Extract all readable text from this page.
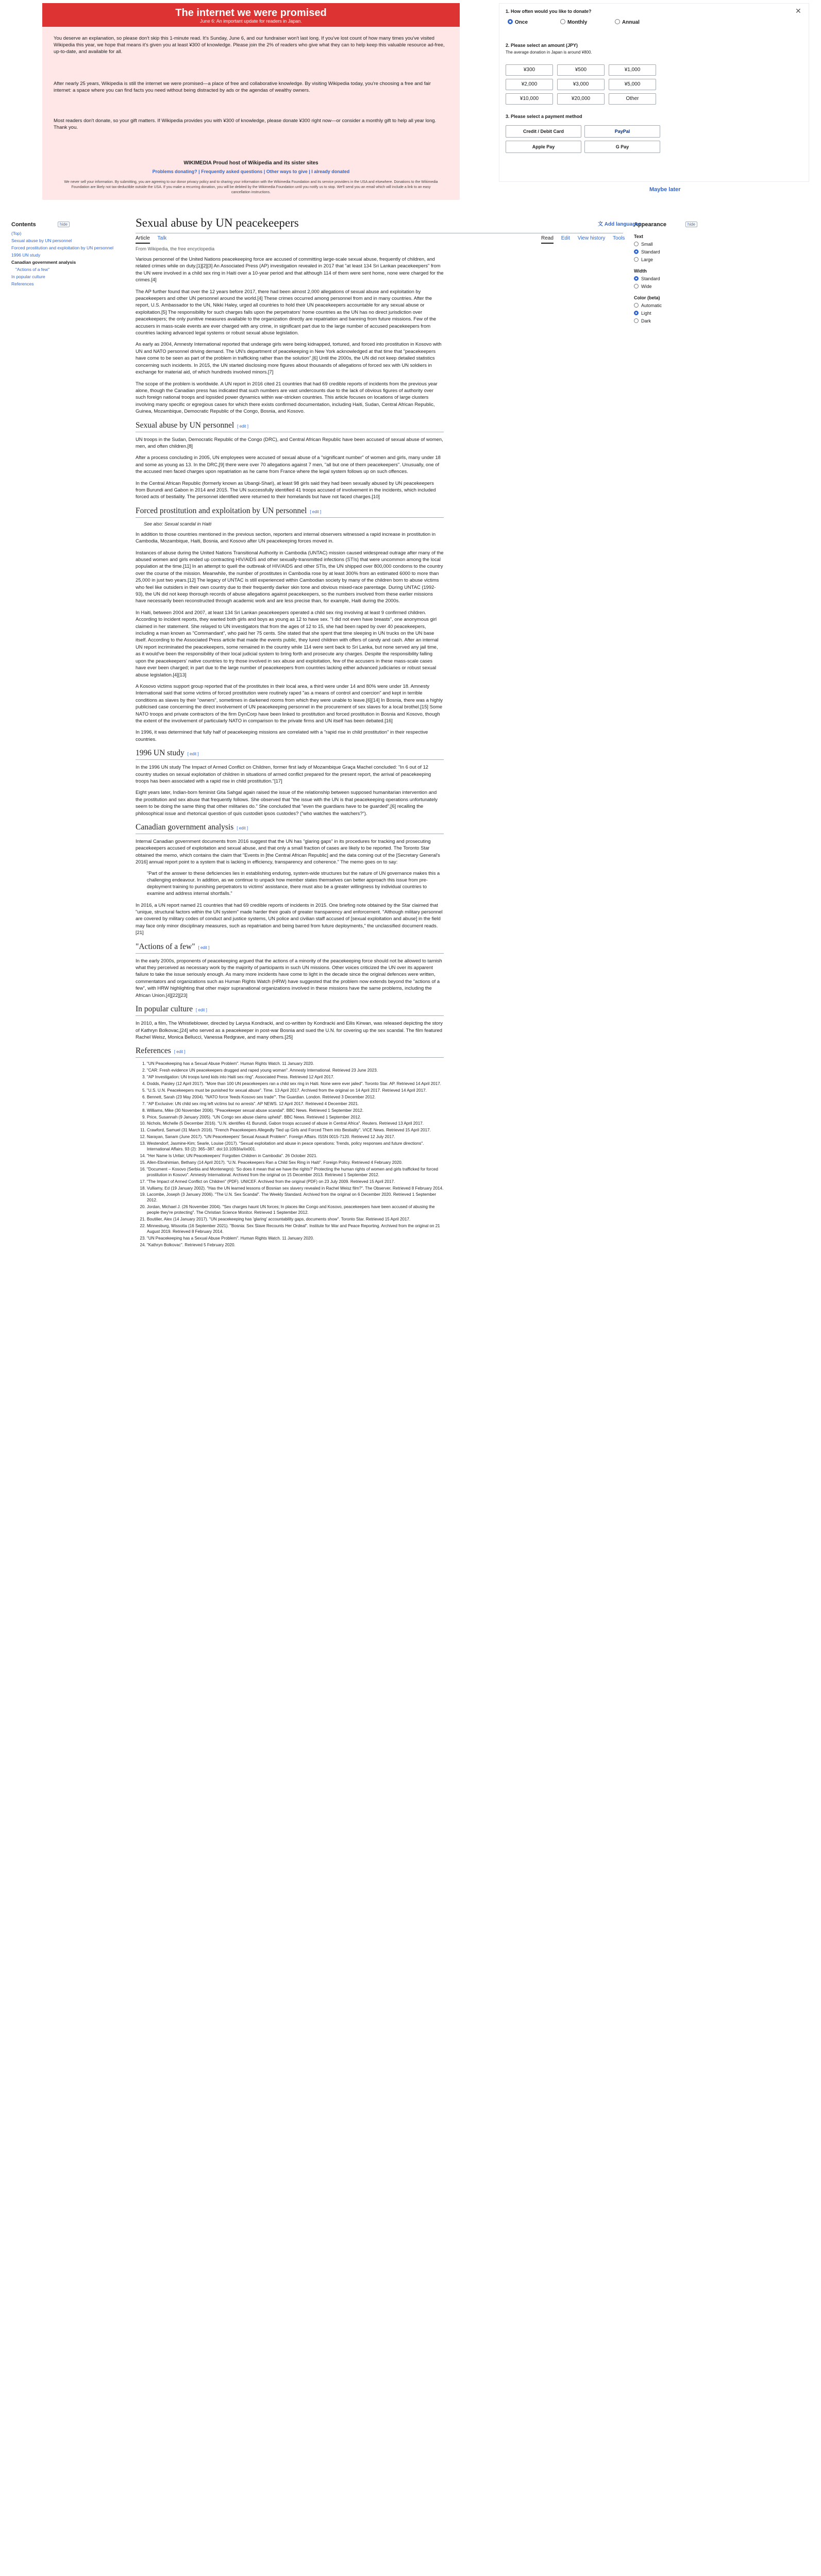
The internet we were promised
June 6: An important update for readers in Japan.

You deserve an explanation, so please don't skip this 1-minute read. It's Sunday, June 6, and our fundraiser won't last long. If you've lost count of how many times you've visited Wikipedia this year, we hope that means it's given you at least ¥300 of knowledge. Please join the 2% of readers who give what they can to help keep this valuable resource ad-free, up-to-date, and available for all.

After nearly 25 years, Wikipedia is still the internet we were promised—a place of free and collaborative knowledge. By visiting Wikipedia today, you're choosing a free and fair internet: a space where you can find facts you need without being distracted by ads or the agendas of wealthy owners.

Most readers don't donate, so your gift matters. If Wikipedia provides you with ¥300 of knowledge, please donate ¥300 right now—or consider a monthly gift to help all year long. Thank you.

WIKIMEDIA Proud host of Wikipedia and its sister sites
Problems donating? | Frequently asked questions | Other ways to give | I already donated
We never sell your information. By submitting, you are agreeing to our donor privacy policy and to sharing your information with the Wikimedia Foundation and its service providers in the USA and elsewhere. Donations to the Wikimedia Foundation are likely not tax-deductible outside the USA. If you make a recurring donation, you will be debited by the Wikimedia Foundation until you notify us to stop. We'll send you an email which will include a link to an easy cancellation instructions.
✕
1. How often would you like to donate?
Once	Monthly	Annual
2. Please select an amount (JPY)
The average donation in Japan is around ¥800.
¥300	¥500	¥1,000
¥2,000	¥3,000	¥5,000
¥10,000	¥20,000	Other
3. Please select a payment method
Credit / Debit Card	PayPal
Apple Pay	G Pay
Maybe later
Contents	hide
(Top)
Sexual abuse by UN personnel
Forced prostitution and exploitation by UN personnel
1996 UN study
Canadian government analysis
"Actions of a few"
In popular culture
References
Appearance	hide
Text
Small
Standard
Large
Width
Standard
Wide
Color (beta)
Automatic
Light
Dark
Sexual abuse by UN peacekeepers	文 Add languages
Article Talk	Read Edit View history Tools
From Wikipedia, the free encyclopedia

Various personnel of the United Nations peacekeeping force are accused of committing large-scale sexual abuse, frequently of children, and related crimes while on duty.[1][2][3] An Associated Press (AP) investigation revealed in 2017 that "at least 134 Sri Lankan peacekeepers" from the UN were involved in a child sex ring in Haiti over a 10-year period and that although 114 of them were sent home, none were charged for the crimes.[4]

The AP further found that over the 12 years before 2017, there had been almost 2,000 allegations of sexual abuse and exploitation by peacekeepers and other UN personnel around the world.[4] These crimes occurred among personnel from and in many countries. After the report, U.S. Ambassador to the UN, Nikki Haley, urged all countries to hold their UN peacekeepers accountable for any sexual abuse or exploitation.[5] The responsibility for such charges falls upon the perpetrators' home countries as the UN has no direct jurisdiction over peacekeepers; the only punitive measures available to the organization directly are repatriation and banning from future missions. Few of the accusers in mass-scale events are ever charged with any crime, in significant part due to the large number of accused peacekeepers from countries lacking advanced legal systems or robust sexual abuse legislation.

As early as 2004, Amnesty International reported that underage girls were being kidnapped, tortured, and forced into prostitution in Kosovo with UN and NATO personnel driving demand. The UN's department of peacekeeping in New York acknowledged at that time that "peacekeepers have come to be seen as part of the problem in trafficking rather than the solution".[6] Until the 2000s, the UN did not keep detailed statistics concerning such incidents. In 2015, the UN started disclosing more figures about thousands of allegations of forced sex with UN soldiers in exchange for material aid, of which hundreds involved minors.[7]

The scope of the problem is worldwide. A UN report in 2016 cited 21 countries that had 69 credible reports of incidents from the previous year alone, though the Canadian press has indicated that such numbers are vast undercounts due to the lack of obvious figures of authority over such foreign national troops and lopsided power dynamics within war-stricken countries. This article focuses on locations of large clusters involving many specific or egregious cases for which there exists confirmed documentation, including Haiti, Sudan, Central African Republic, Guinea, Mozambique, Democratic Republic of the Congo, Bosnia, and Kosovo.

Sexual abuse by UN personnel [ edit ]

UN troops in the Sudan, Democratic Republic of the Congo (DRC), and Central African Republic have been accused of sexual abuse of women, men, and often children.[8]

After a process concluding in 2005, UN employees were accused of sexual abuse of a "significant number" of women and girls, many under 18 and some as young as 13. In the DRC,[9] there were over 70 allegations against 7 men, "all but one of them peacekeepers". Unusually, one of the accused men faced charges upon repatriation as he came from France where the legal system follows up on such offences.

In the Central African Republic (formerly known as Ubangi-Shari), at least 98 girls said they had been sexually abused by UN peacekeepers from Burundi and Gabon in 2014 and 2015. The UN successfully identified 41 troops accused of involvement in the incidents, which included forced acts of bestiality. The personnel identified were returned to their homelands but have not faced charges.[10]

Forced prostitution and exploitation by UN personnel [ edit ]
See also: Sexual scandal in Haiti

In addition to those countries mentioned in the previous section, reporters and internal observers witnessed a rapid increase in prostitution in Cambodia, Mozambique, Haiti, Bosnia, and Kosovo after UN peacekeeping forces moved in.

Instances of abuse during the United Nations Transitional Authority in Cambodia (UNTAC) mission caused widespread outrage after many of the abused women and girls ended up contracting HIV/AIDS and other sexually-transmitted infections (STIs) that were uncommon among the local population at the time.[11] In an attempt to quell the outbreak of HIV/AIDS and other STIs, the UN shipped over 800,000 condoms to the country over the course of the mission. Meanwhile, the number of prostitutes in Cambodia rose by at least 300% from an estimated 6000 to more than 25,000 in just two years.[12] The legacy of UNTAC is still experienced within Cambodian society by many of the children born to abuse victims who feel like outsiders in their own country due to their frequently darker skin tone and obvious mixed-race parentage. During UNTAC (1992-93), the UN did not keep thorough records of abuse allegations against peacekeepers, so the numbers involved from these earlier missions have necessarily been reconstructed through academic work and are less precise than, for example, Haiti during the 2000s.

In Haiti, between 2004 and 2007, at least 134 Sri Lankan peacekeepers operated a child sex ring involving at least 9 confirmed children. According to incident reports, they wanted both girls and boys as young as 12 to have sex. "I did not even have breasts", one anonymous girl claimed in her statement. She relayed to UN investigators that from the ages of 12 to 15, she had been raped by over 40 peacekeepers, including a man known as "Commandant", who paid her 75 cents. She stated that she spent that time sleeping in UN trucks on the UN base itself. According to the Associated Press article that made the events public, they lured children with offers of candy and cash. After an internal UN report incriminated the peacekeepers, some remained in the country while 114 were sent back to Sri Lanka, but none served any jail time, as it would've been the responsibility of their local judicial system to bring forth and prosecute any charges. Despite the responsibility falling upon the peacekeepers' native countries to try those involved in sex abuse and exploitation, few of the accusers in these mass-scale cases have ever been charged; in part due to the large number of peacekeepers from countries lacking either advanced judiciaries or robust sexual abuse legislation.[4][13]

A Kosovo victims support group reported that of the prostitutes in their local area, a third were under 14 and 80% were under 18. Amnesty International said that some victims of forced prostitution were routinely raped "as a means of control and coercion" and kept in terrible conditions as slaves by their "owners", sometimes in darkened rooms from which they were unable to leave.[6][14] In Bosnia, there was a highly publicised case concerning the direct involvement of UN peacekeeping personnel in the procurement of sex slaves for a local brothel.[15] Some NATO troops and private contractors of the firm DynCorp have been linked to prostitution and forced prostitution in Bosnia and Kosovo, though the extent of the involvement of particularly NATO in comparison to the private firms and UN itself has been debated.[16]

In 1996, it was determined that fully half of peacekeeping missions are correlated with a "rapid rise in child prostitution" in their respective countries.

1996 UN study [ edit ]

In the 1996 UN study The Impact of Armed Conflict on Children, former first lady of Mozambique Graça Machel concluded: "In 6 out of 12 country studies on sexual exploitation of children in situations of armed conflict prepared for the present report, the arrival of peacekeeping troops has been associated with a rapid rise in child prostitution."[17]

Eight years later, Indian-born feminist Gita Sahgal again raised the issue of the relationship between supposed humanitarian intervention and the prostitution and sex abuse that frequently follows. She observed that "the issue with the UN is that peacekeeping operations unfortunately seem to be doing the same thing that other militaries do." She concluded that "even the guardians have to be guarded",[6] recalling the philosophical issue and rhetorical question of quis custodiet ipsos custodes? ("who watches the watchers?").

Canadian government analysis [ edit ]

Internal Canadian government documents from 2016 suggest that the UN has "glaring gaps" in its procedures for tracking and prosecuting peacekeepers accused of exploitation and sexual abuse, and that only a small fraction of cases are likely to be reported. The Toronto Star obtained the memo, which contains the claim that "Events in [the Central African Republic] and the data coming out of the [Secretary General's 2016] annual report point to a system that is lacking in efficiency, transparency and coherence." The memo goes on to say:

"Part of the answer to these deficiencies lies in establishing enduring, system-wide structures but the nature of UN governance makes this a challenging endeavour. In addition, as we continue to unpack how member states themselves can better approach this issue from pre-deployment training to punishing perpetrators to victims' assistance, there must also be a greater willingness by individual countries to examine and address internal shortfalls."

In 2016, a UN report named 21 countries that had 69 credible reports of incidents in 2015. One briefing note obtained by the Star claimed that "unique, structural factors within the UN system" made harder their goals of greater transparency and enforcement. "Although military personnel are covered by military codes of conduct and justice systems, UN police and civilian staff accused of [sexual exploitation and abuse] in the field may face only minor disciplinary measures, such as repatriation and being barred from future deployments," the unclassified document reads.[21]

"Actions of a few" [ edit ]

In the early 2000s, proponents of peacekeeping argued that the actions of a minority of the peacekeeping force should not be allowed to tarnish what they perceived as necessary work by the majority of participants in such UN missions. Other voices criticized the UN over its apparent failure to take the issue seriously enough. As many more incidents have come to light in the decade since the original defences were written, commentators and organizations such as Human Rights Watch (HRW) have suggested that the problem now extends beyond the "actions of a few", with HRW highlighting that other major supranational organizations involved in these missions have the same problems, including the African Union.[4][22][23]

In popular culture [ edit ]

In 2010, a film, The Whistleblower, directed by Larysa Kondracki, and co-written by Kondracki and Eilis Kirwan, was released depicting the story of Kathryn Bolkovac,[24] who served as a peacekeeper in post-war Bosnia and sued the U.N. for covering up the sex scandal. The film featured Rachel Weisz, Monica Bellucci, Vanessa Redgrave, and many others.[25]

References [ edit ]
1. "UN Peacekeeping has a Sexual Abuse Problem". Human Rights Watch. 11 January 2020.
2. "CAR: Fresh evidence UN peacekeepers drugged and raped young woman". Amnesty International. Retrieved 23 June 2023.
3. "AP Investigation: UN troops lured kids into Haiti sex ring". Associated Press. Retrieved 12 April 2017.
4. Dodds, Paisley (12 April 2017). "More than 100 UN peacekeepers ran a child sex ring in Haiti. None were ever jailed". Toronto Star. AP. Retrieved 14 April 2017.
5. "U.S. U.N. Peacekeepers must be punished for sexual abuse". Time. 13 April 2017. Archived from the original on 14 April 2017. Retrieved 14 April 2017.
6. Bennett, Sarah (23 May 2004). "NATO force 'feeds Kosovo sex trade'". The Guardian. London. Retrieved 3 December 2012.
7. "AP Exclusive: UN child sex ring left victims but no arrests". AP NEWS. 12 April 2017. Retrieved 4 December 2021.
8. Williams, Mike (30 November 2006). "Peacekeeper sexual abuse scandal". BBC News. Retrieved 1 September 2012.
9. Price, Susannah (9 January 2005). "UN Congo sex abuse claims upheld". BBC News. Retrieved 1 September 2012.
10. Nichols, Michelle (5 December 2016). "U.N. identifies 41 Burundi, Gabon troops accused of abuse in Central Africa". Reuters. Retrieved 13 April 2017.
11. Crawford, Samuel (31 March 2016). "French Peacekeepers Allegedly Tied up Girls and Forced Them into Bestiality". VICE News. Retrieved 15 April 2017.
12. Narayan, Sanam (June 2017). "UN Peacekeepers' Sexual Assault Problem". Foreign Affairs. ISSN 0015-7120. Retrieved 12 July 2017.
13. Westendorf, Jasmine-Kim; Searle, Louise (2017). "Sexual exploitation and abuse in peace operations: Trends, policy responses and future directions". International Affairs. 93 (2): 365–387. doi:10.1093/ia/iix001.
14. "Her Name Is Unfair; UN Peacekeepers' Forgotten Children in Cambodia". 26 October 2021.
15. Allen-Ebrahimian, Bethany (14 April 2017). "U.N. Peacekeepers Ran a Child Sex Ring in Haiti". Foreign Policy. Retrieved 4 February 2020.
16. "Document – Kosovo (Serbia and Montenegro): 'So does it mean that we have the rights?' Protecting the human rights of women and girls trafficked for forced prostitution in Kosovo". Amnesty International. Archived from the original on 15 December 2013. Retrieved 1 September 2012.
17. "The Impact of Armed Conflict on Children" (PDF). UNICEF. Archived from the original (PDF) on 23 July 2009. Retrieved 15 April 2017.
18. Vulliamy, Ed (19 January 2002). "Has the UN learned lessons of Bosnian sex slavery revealed in Rachel Weisz film?". The Observer. Retrieved 8 February 2014.
19. Lacombe, Joseph (3 January 2006). "The U.N. Sex Scandal". The Weekly Standard. Archived from the original on 6 December 2020. Retrieved 1 September 2012.
20. Jordan, Michael J. (26 November 2004). "Sex charges haunt UN forces; In places like Congo and Kosovo, peacekeepers have been accused of abusing the people they're protecting". The Christian Science Monitor. Retrieved 1 September 2012.
21. Boutilier, Alex (14 January 2017). "UN peacekeeping has 'glaring' accountability gaps, documents show". Toronto Star. Retrieved 15 April 2017.
22. Minnesburg, Wissotta (16 September 2021). "Bosnia: Sex Slave Recounts Her Ordeal". Institute for War and Peace Reporting. Archived from the original on 21 August 2019. Retrieved 8 February 2014.
23. "UN Peacekeeping has a Sexual Abuse Problem". Human Rights Watch. 11 January 2020.
24. "Kathryn Bolkovac". Retrieved 5 February 2020.
